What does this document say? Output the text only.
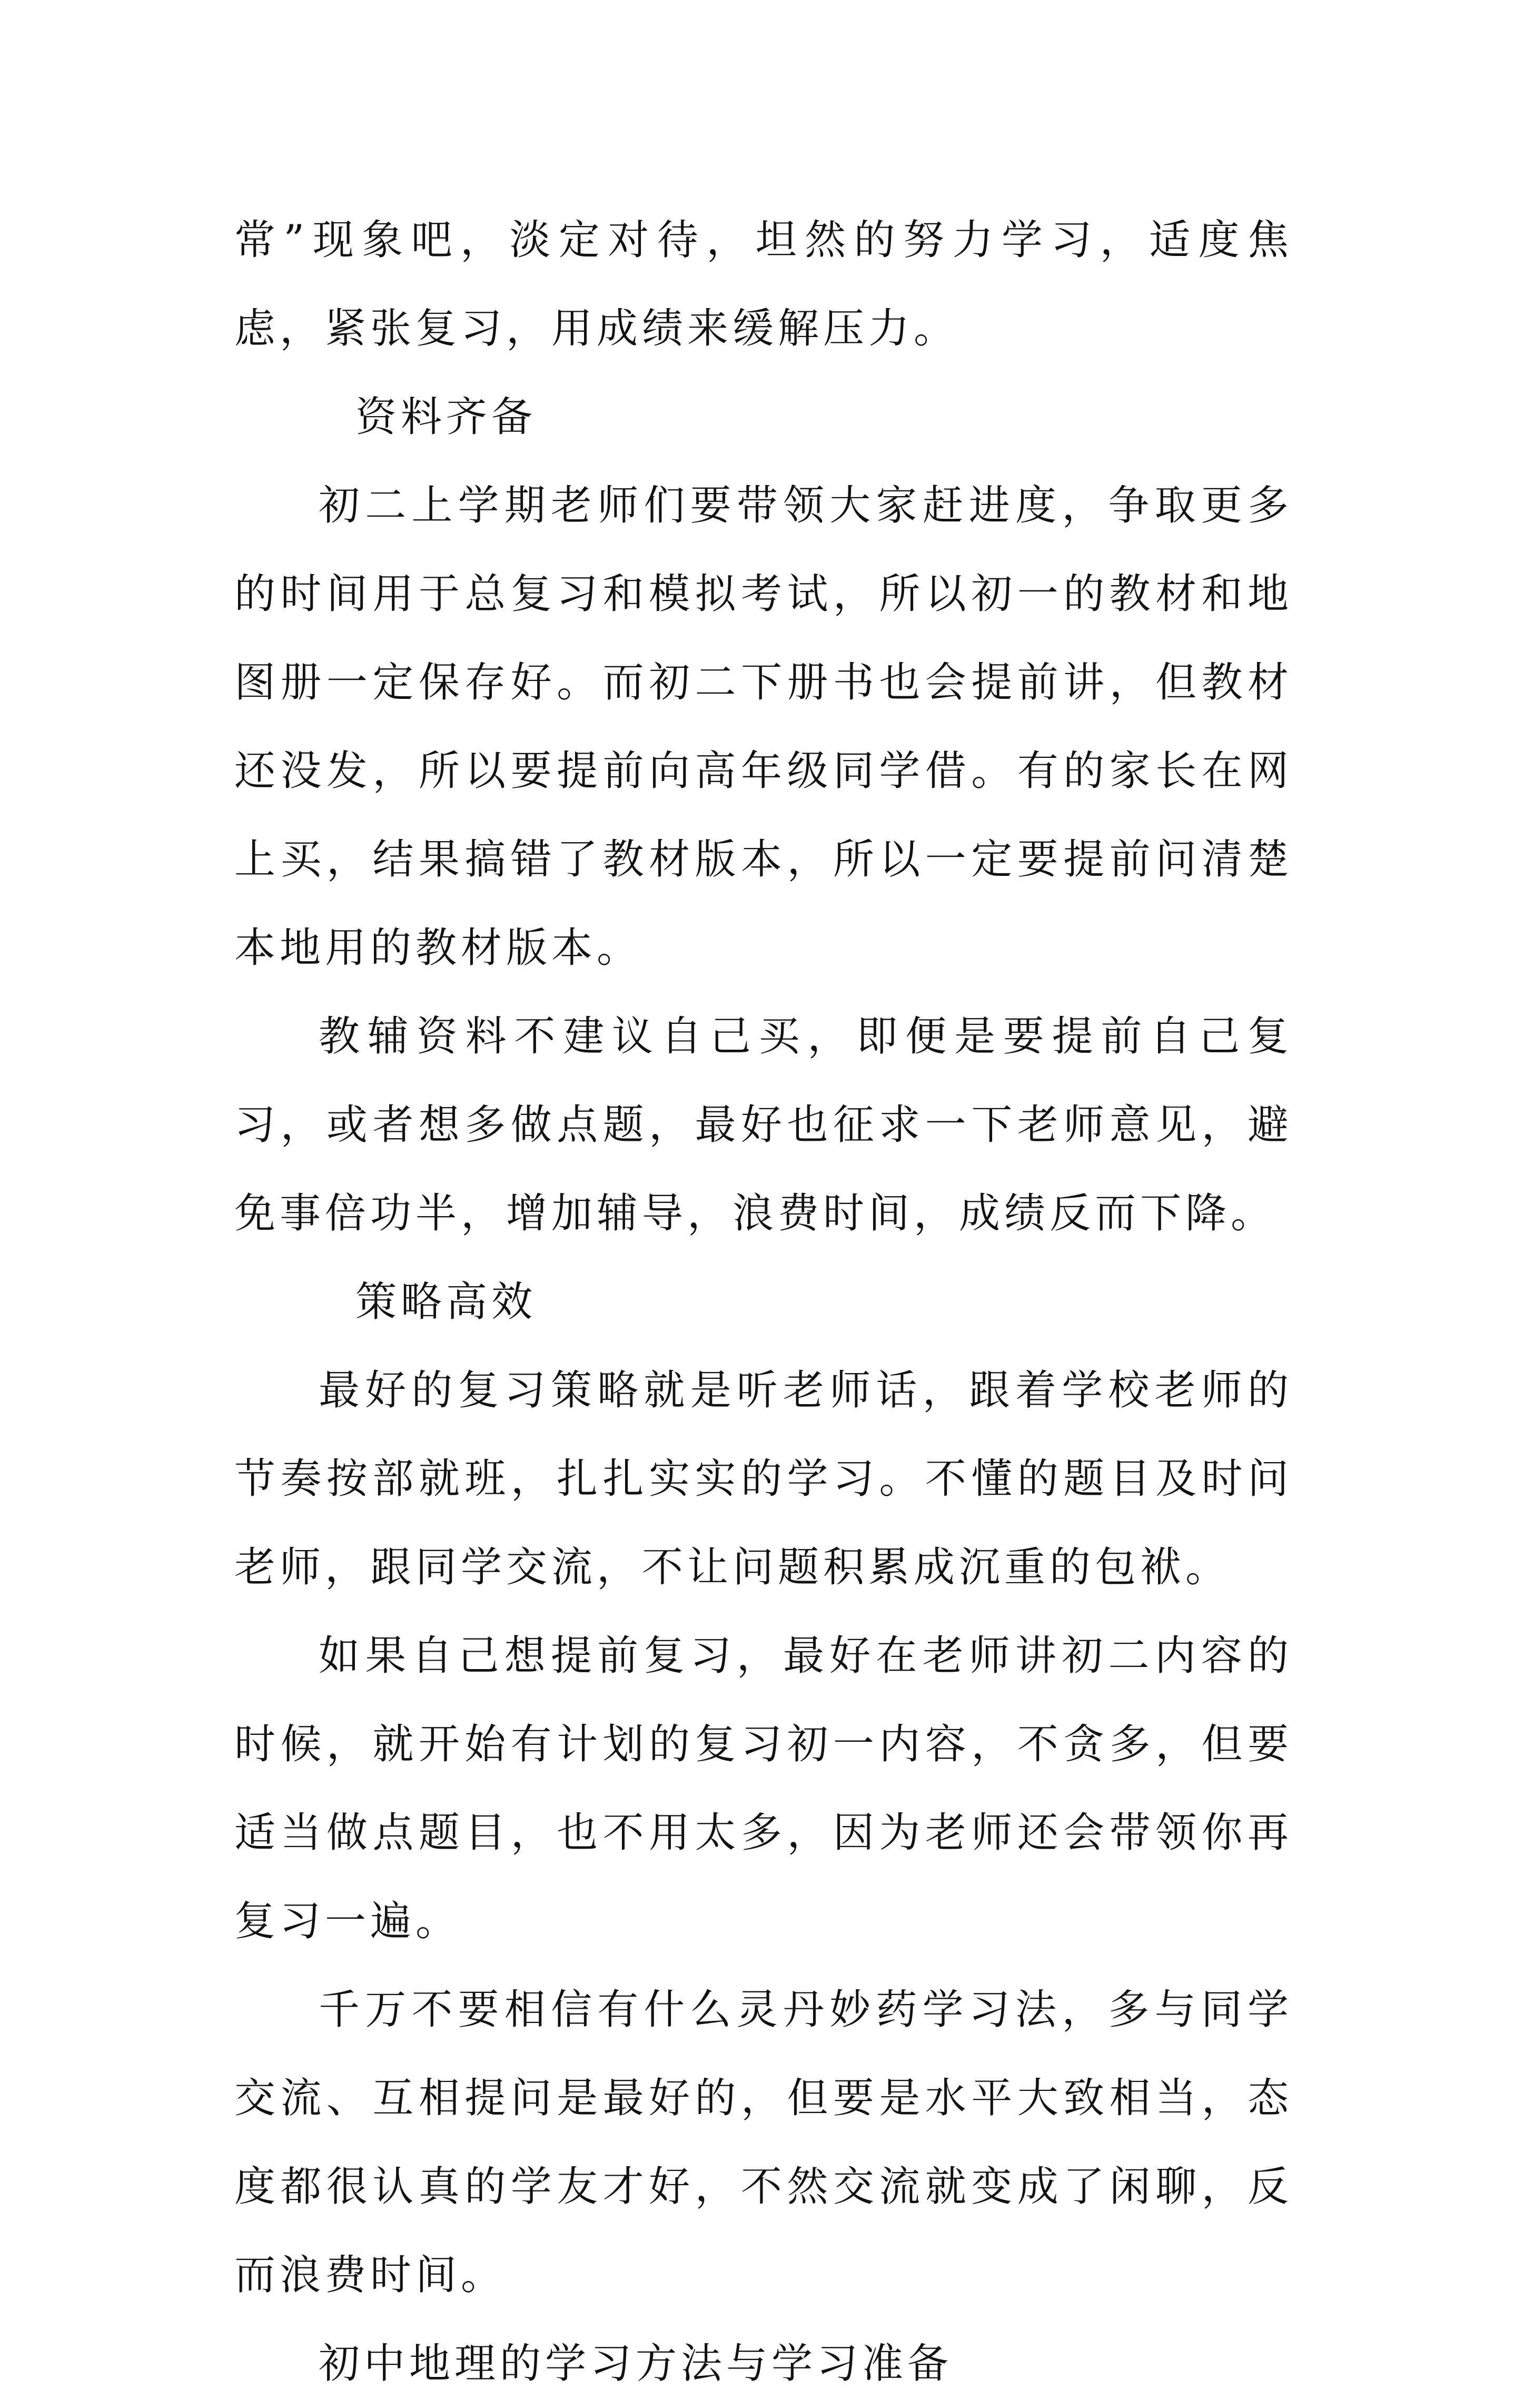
常”现象吧，淡定对待，坦然的努力学习，适度焦虑，紧张复习，用成绩来缓解压力。

资料齐备

初二上学期老师们要带领大家赶进度，争取更多的时间用于总复习和模拟考试，所以初一的教材和地图册一定保存好。而初二下册书也会提前讲，但教材还没发，所以要提前向高年级同学借。有的家长在网上买，结果搞错了教材版本，所以一定要提前问清楚本地用的教材版本。

教辅资料不建议自己买，即便是要提前自己复习，或者想多做点题，最好也征求一下老师意见，避免事倍功半，增加辅导，浪费时间，成绩反而下降。

策略高效

最好的复习策略就是听老师话，跟着学校老师的节奏按部就班，扎扎实实的学习。不懂的题目及时问老师，跟同学交流，不让问题积累成沉重的包袱。

如果自己想提前复习，最好在老师讲初二内容的时候，就开始有计划的复习初一内容，不贪多，但要适当做点题目，也不用太多，因为老师还会带领你再复习一遍。

千万不要相信有什么灵丹妙药学习法，多与同学交流、互相提问是最好的，但要是水平大致相当，态度都很认真的学友才好，不然交流就变成了闲聊，反而浪费时间。

初中地理的学习方法与学习准备
